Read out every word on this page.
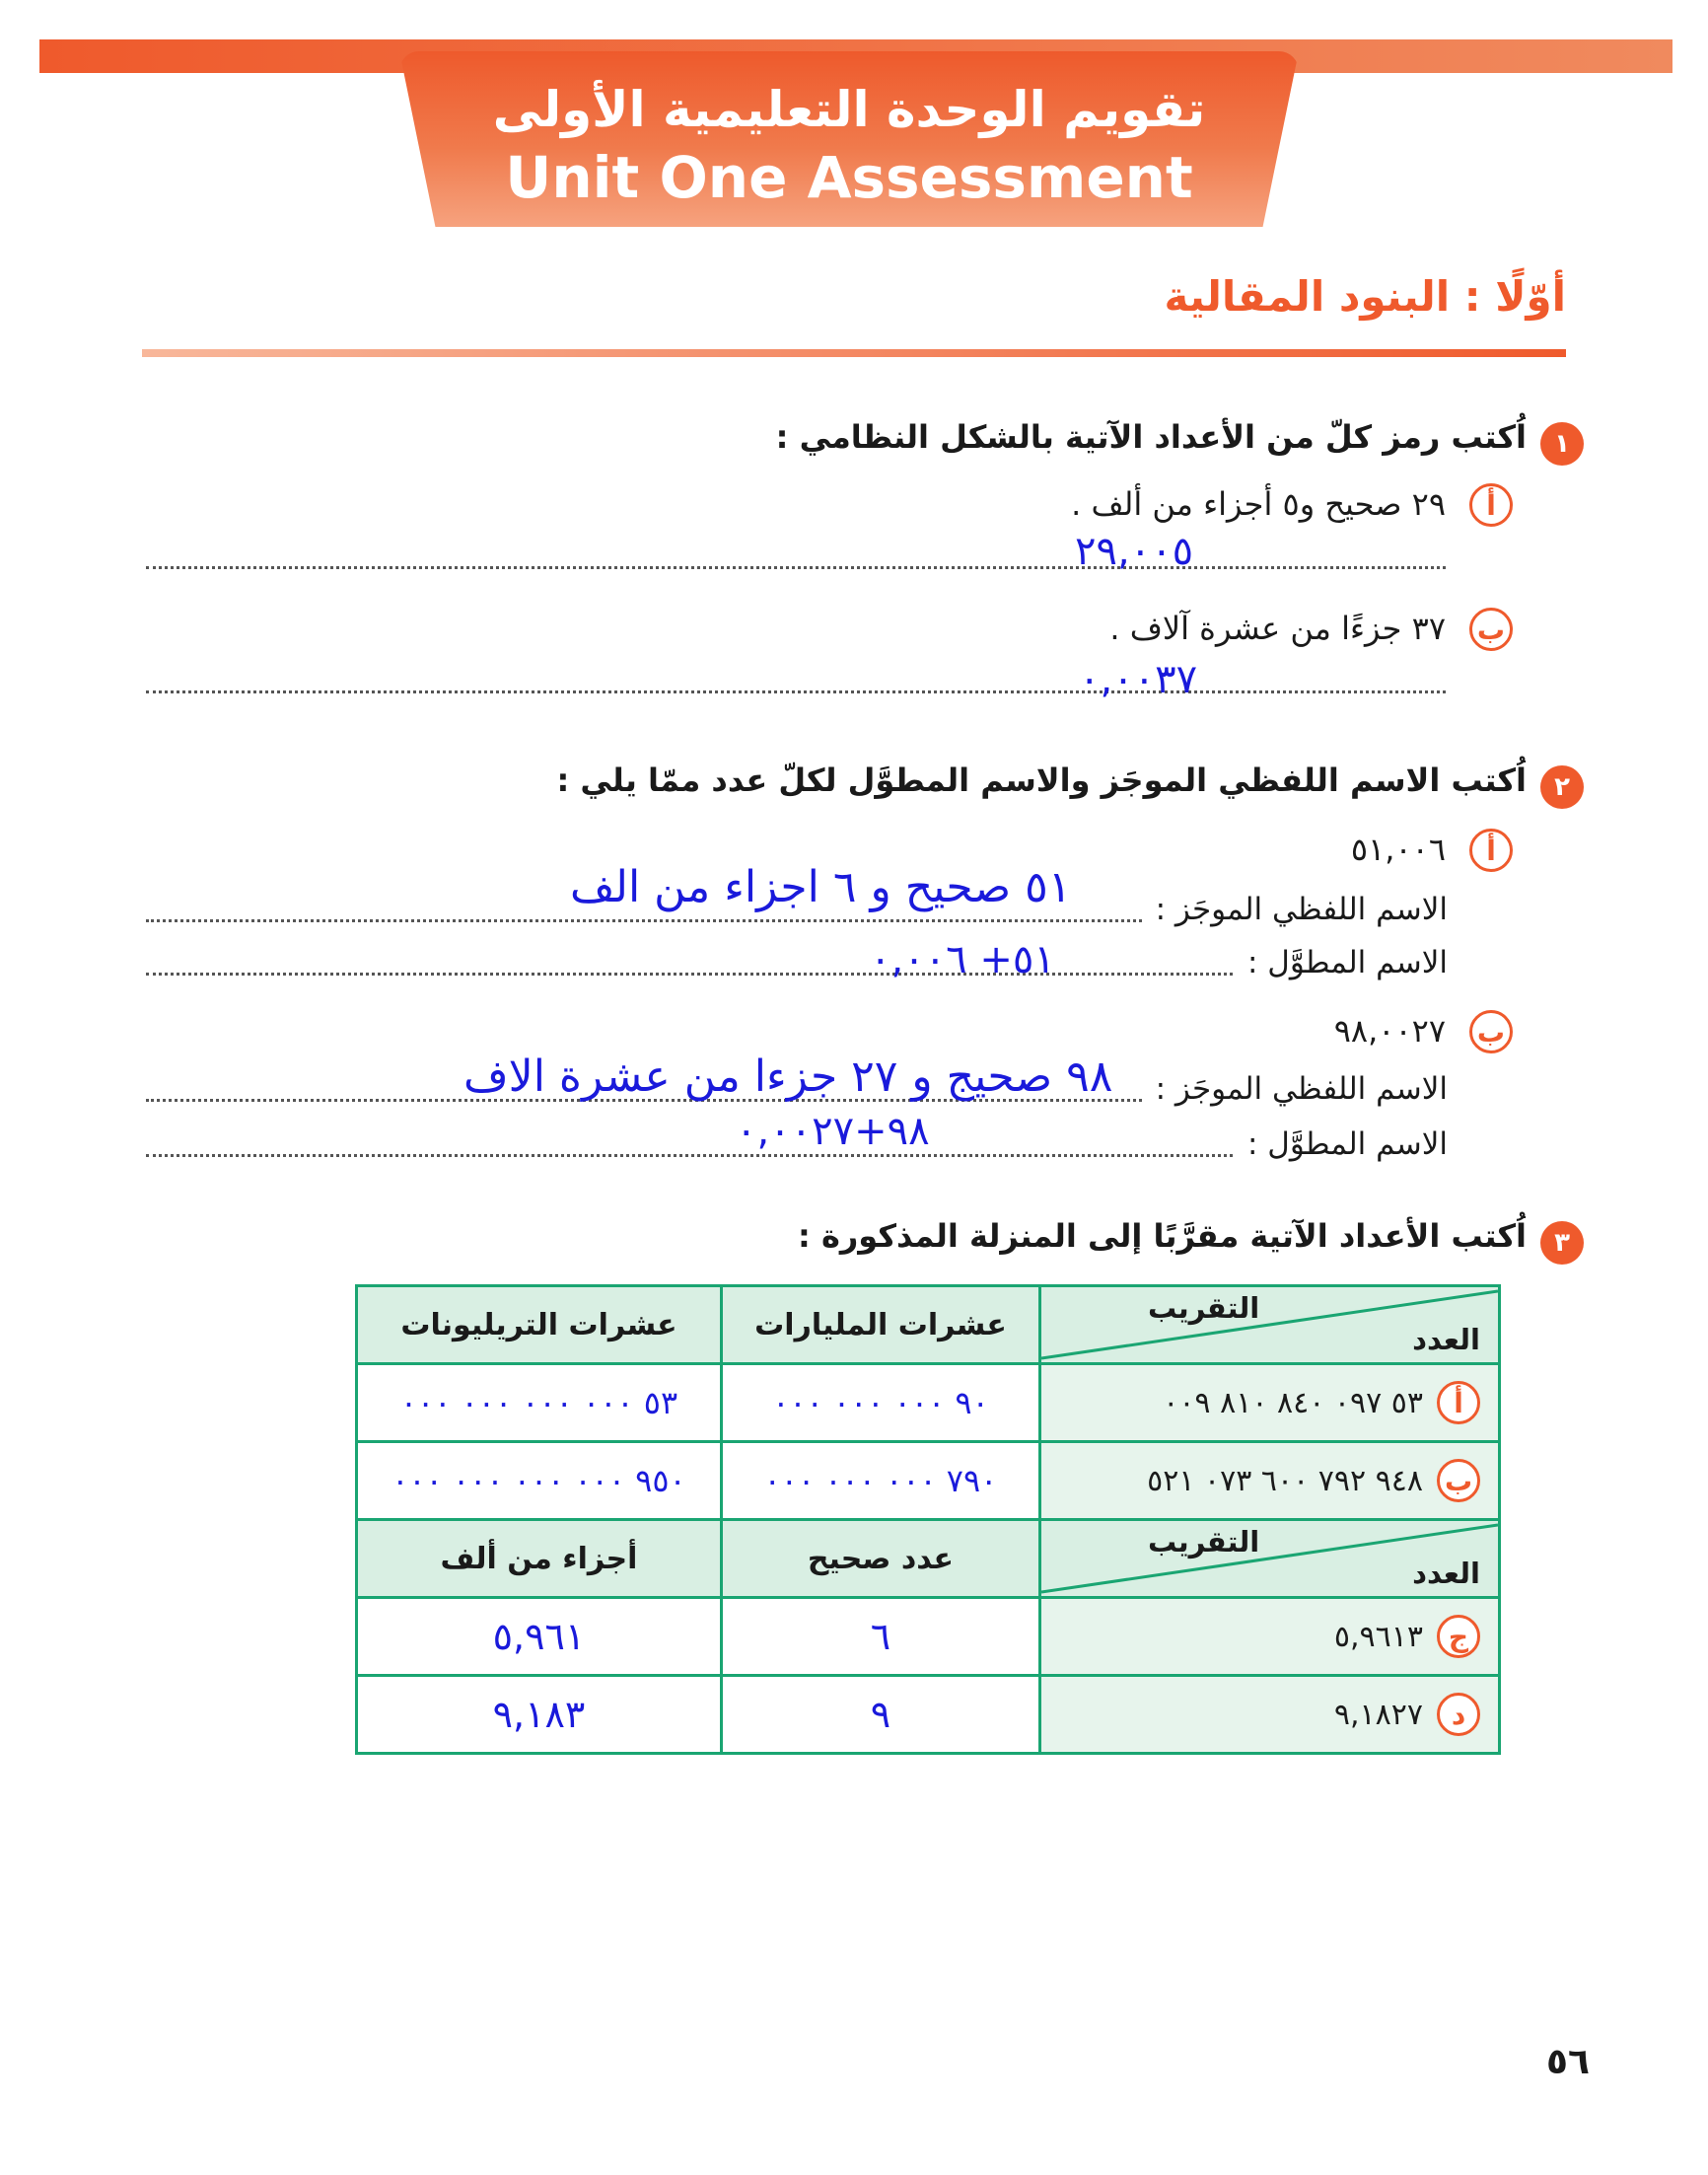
تقويم الوحدة التعليمية الأولى
Unit One Assessment
أوّلًا : البنود المقالية
١
اُكتب رمز كلّ من الأعداد الآتية بالشكل النظامي :
أ
٢٩ صحيح و٥ أجزاء من ألف .
٢٩,٠٠٥
ب
٣٧ جزءًا من عشرة آلاف .
٠,٠٠٣٧
٢
اُكتب الاسم اللفظي الموجَز والاسم المطوَّل لكلّ عدد ممّا يلي :
أ
٥١,٠٠٦
الاسم اللفظي الموجَز :
٥١ صحيح و ٦ اجزاء من الف
الاسم المطوَّل :
٥١+ ٠,٠٠٦
ب
٩٨,٠٠٢٧
الاسم اللفظي الموجَز :
٩٨ صحيج و ٢٧ جزءا من عشرة الاف
الاسم المطوَّل :
٩٨+٠,٠٠٢٧
٣
اُكتب الأعداد الآتية مقرَّبًا إلى المنزلة المذكورة :
التقريب
العدد	عشرات المليارات	عشرات التريليونات

أ
٥٣ ٠٩٧ ٨٤٠ ٨١٠ ٠٠٩	٩٠ ٠٠٠ ٠٠٠ ٠٠٠	٥٣ ٠٠٠ ٠٠٠ ٠٠٠ ٠٠٠

ب
٩٤٨ ٧٩٢ ٦٠٠ ٠٧٣ ٥٢١	٧٩٠ ٠٠٠ ٠٠٠ ٠٠٠	٩٥٠ ٠٠٠ ٠٠٠ ٠٠٠ ٠٠٠

التقريب
العدد	عدد صحيح	أجزاء من ألف

ج
٥,٩٦١٣	٦	٥,٩٦١

د
٩,١٨٢٧	٩	٩,١٨٣
٥٦
